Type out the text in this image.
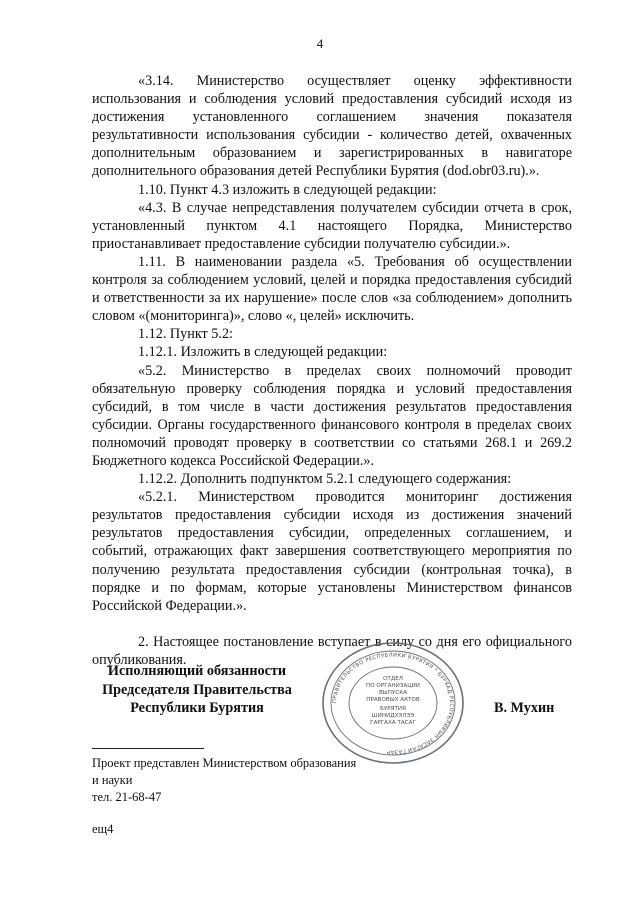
4

«3.14. Министерство осуществляет оценку эффективности использования и соблюдения условий предоставления субсидий исходя из достижения установленного соглашением значения показателя результативности использования субсидии - количество детей, охваченных дополнительным образованием и зарегистрированных в навигаторе дополнительного образования детей Республики Бурятия (dod.obr03.ru).».

1.10. Пункт 4.3 изложить в следующей редакции:

«4.3. В случае непредставления получателем субсидии отчета в срок, установленный пунктом 4.1 настоящего Порядка, Министерство приостанавливает предоставление субсидии получателю субсидии.».

1.11. В наименовании раздела «5. Требования об осуществлении контроля за соблюдением условий, целей и порядка предоставления субсидий и ответственности за их нарушение» после слов «за соблюдением» дополнить словом «(мониторинга)», слово «, целей» исключить.

1.12. Пункт 5.2:

1.12.1. Изложить в следующей редакции:

«5.2. Министерство в пределах своих полномочий проводит обязательную проверку соблюдения порядка и условий предоставления субсидий, в том числе в части достижения результатов предоставления субсидии. Органы государственного финансового контроля в пределах своих полномочий проводят проверку в соответствии со статьями 268.1 и 269.2 Бюджетного кодекса Российской Федерации.».

1.12.2. Дополнить подпунктом 5.2.1 следующего содержания:

«5.2.1. Министерством проводится мониторинг достижения результатов предоставления субсидии исходя из достижения значений результатов предоставления субсидии, определенных соглашением, и событий, отражающих факт завершения соответствующего мероприятия по получению результата предоставления субсидии (контрольная точка), в порядке и по формам, которые установлены Министерством финансов Российской Федерации.».

2. Настоящее постановление вступает в силу со дня его официального опубликования.

Исполняющий обязанности
Председателя Правительства
Республики Бурятия	ПРАВИТЕЛЬСТВО РЕСПУБЛИКИ БУРЯТИЯ * БУРЯАД РЕСПУБЛИКЫН ЗАСАГАЙ ГАЗАР
ОТДЕЛ
ПО ОРГАНИЗАЦИИ
ВЫПУСКА
ПРАВОВЫХ АКТОВ
БУРЯТИЯ
ШИНИДХЭЛЭЭ
ГАРГАХА ТАСАГ
В. Мухин
Проект представлен Министерством образования
и науки
тел. 21-68-47
ещ4
